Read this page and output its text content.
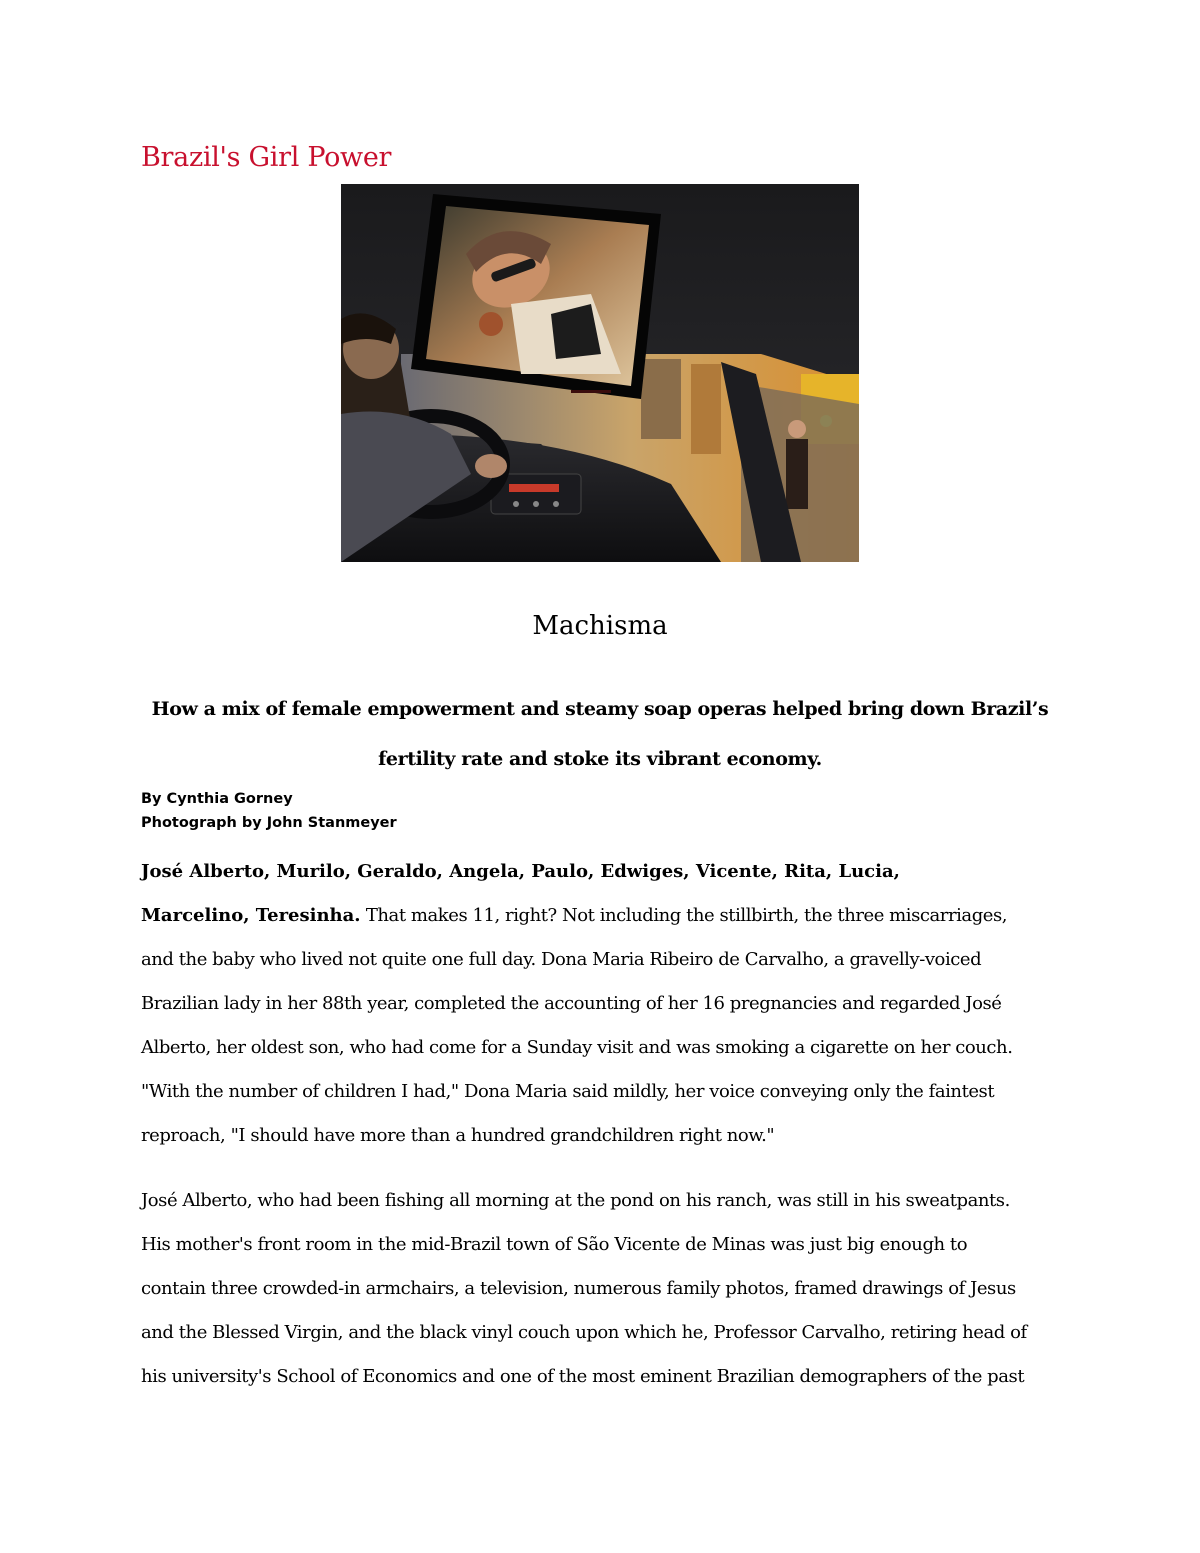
Brazil's Girl Power
Machisma
How a mix of female empowerment and steamy soap operas helped bring down Brazil’s
fertility rate and stoke its vibrant economy.
By Cynthia Gorney
Photograph by John Stanmeyer
José Alberto, Murilo, Geraldo, Angela, Paulo, Edwiges, Vicente, Rita, Lucia,
Marcelino, Teresinha. That makes 11, right? Not including the stillbirth, the three miscarriages,
and the baby who lived not quite one full day. Dona Maria Ribeiro de Carvalho, a gravelly-voiced
Brazilian lady in her 88th year, completed the accounting of her 16 pregnancies and regarded José
Alberto, her oldest son, who had come for a Sunday visit and was smoking a cigarette on her couch.
"With the number of children I had," Dona Maria said mildly, her voice conveying only the faintest
reproach, "I should have more than a hundred grandchildren right now."
José Alberto, who had been fishing all morning at the pond on his ranch, was still in his sweatpants.
His mother's front room in the mid-Brazil town of São Vicente de Minas was just big enough to
contain three crowded-in armchairs, a television, numerous family photos, framed drawings of Jesus
and the Blessed Virgin, and the black vinyl couch upon which he, Professor Carvalho, retiring head of
his university's School of Economics and one of the most eminent Brazilian demographers of the past
